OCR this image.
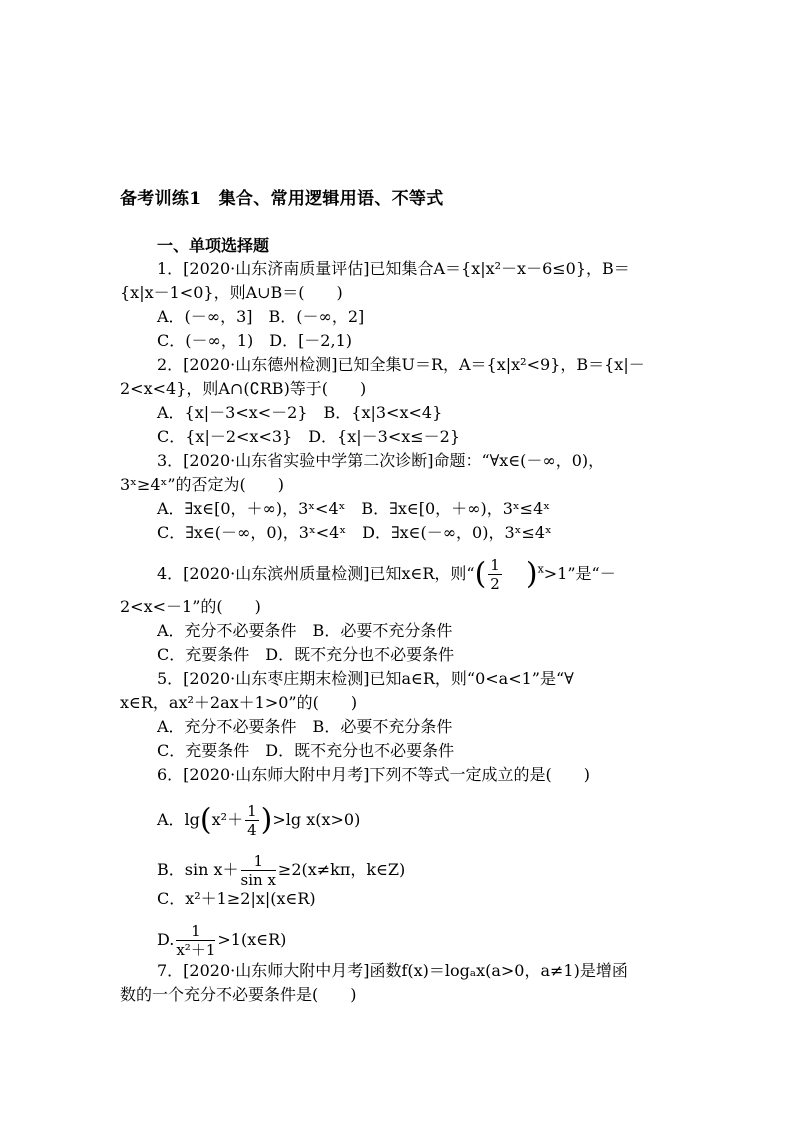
备考训练1　集合、常用逻辑用语、不等式
一、单项选择题
1．[2020·山东济南质量评估]已知集合A＝{x|x²－x－6≤0}，B＝
{x|x－1<0}，则A∪B＝(　　)
A．(－∞，3]　B．(－∞，2]
C．(－∞，1)　D．[－2,1)
2．[2020·山东德州检测]已知全集U＝R，A＝{x|x²<9}，B＝{x|－
2<x<4}，则A∩(∁RB)等于(　　)
A．{x|－3<x<－2}　B．{x|3<x<4}
C．{x|－2<x<3}　D．{x|－3<x≤－2}
3．[2020·山东省实验中学第二次诊断]命题：“∀x∈(－∞，0)，
3ˣ≥4ˣ”的否定为(　　)
A．∃x∈[0，＋∞)，3ˣ<4ˣ　B．∃x∈[0，＋∞)，3ˣ≤4ˣ
C．∃x∈(－∞，0)，3ˣ<4ˣ　D．∃x∈(－∞，0)，3ˣ≤4ˣ
4．[2020·山东滨州质量检测]已知x∈R，则“( $\frac{1}{2} )^x>1$”是“－
2<x<－1”的(　　)
A．充分不必要条件　B．必要不充分条件
C．充要条件　D．既不充分也不必要条件
5．[2020·山东枣庄期末检测]已知a∈R，则“0<a<1”是“∀
x∈R，ax²＋2ax＋1>0”的(　　)
A．充分不必要条件　B．必要不充分条件
C．充要条件　D．既不充分也不必要条件
6．[2020·山东师大附中月考]下列不等式一定成立的是(　　)
A．$\lg(x^2+ \frac{1}{4} )>\lg$ x(x>0)
B．$\sin x+ \frac{1}{\text{sin x}} \ge 2(x\ne k\pi$，k∈Z)
C．x²＋1≥2|x|(x∈R)
D. $\frac{1}{\text{x²＋1}}$ >1(x∈R)
7．[2020·山东师大附中月考]函数f(x)＝logₐx(a>0，a≠1)是增函
数的一个充分不必要条件是(　　)
